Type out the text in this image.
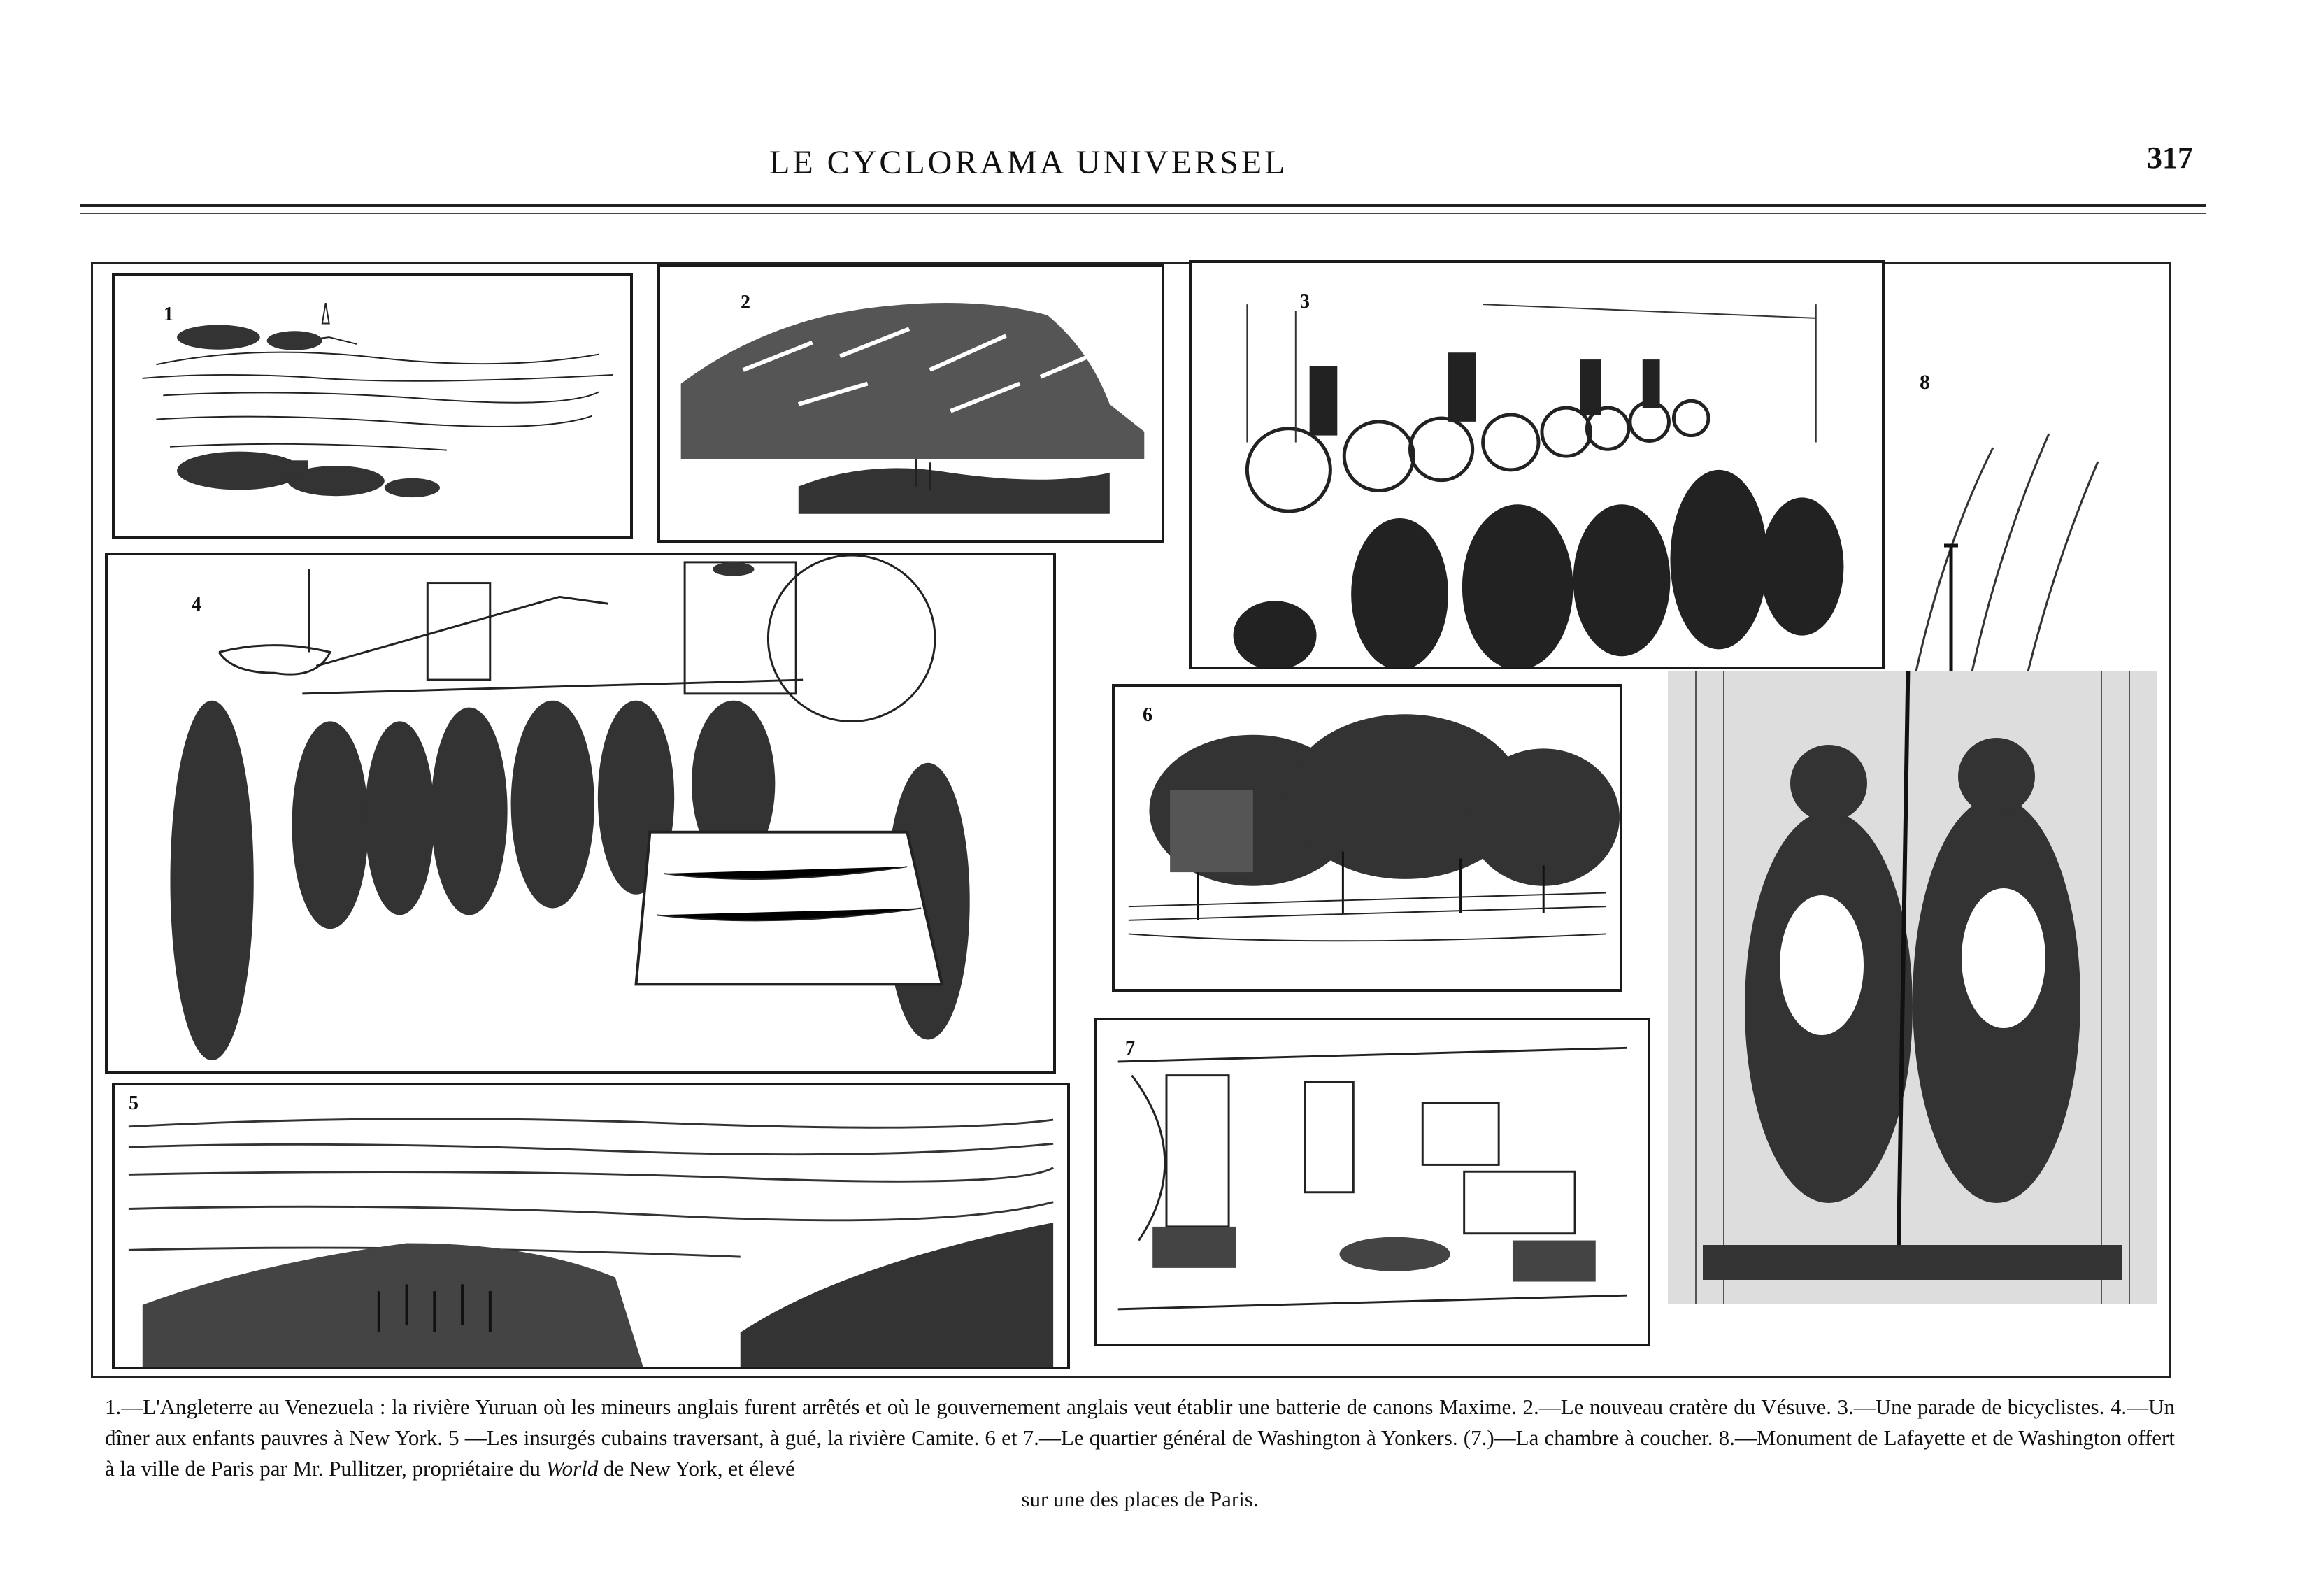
LE CYCLORAMA UNIVERSEL	317
1
2	3
4
5
6
7
8
1.—L'Angleterre au Venezuela : la rivière Yuruan où les mineurs anglais furent arrêtés et où le gouvernement anglais veut établir une batterie de canons Maxime. 2.—Le nouveau cratère du Vésuve. 3.—Une parade de bicyclistes. 4.—Un dîner aux enfants pauvres à New York. 5 —Les insurgés cubains traversant, à gué, la rivière Camite. 6 et 7.—Le quartier général de Washington à Yonkers. (7.)—La chambre à coucher. 8.—Monument de Lafayette et de Washington offert à la ville de Paris par Mr. Pullitzer, propriétaire du World de New York, et élevé
sur une des places de Paris.
